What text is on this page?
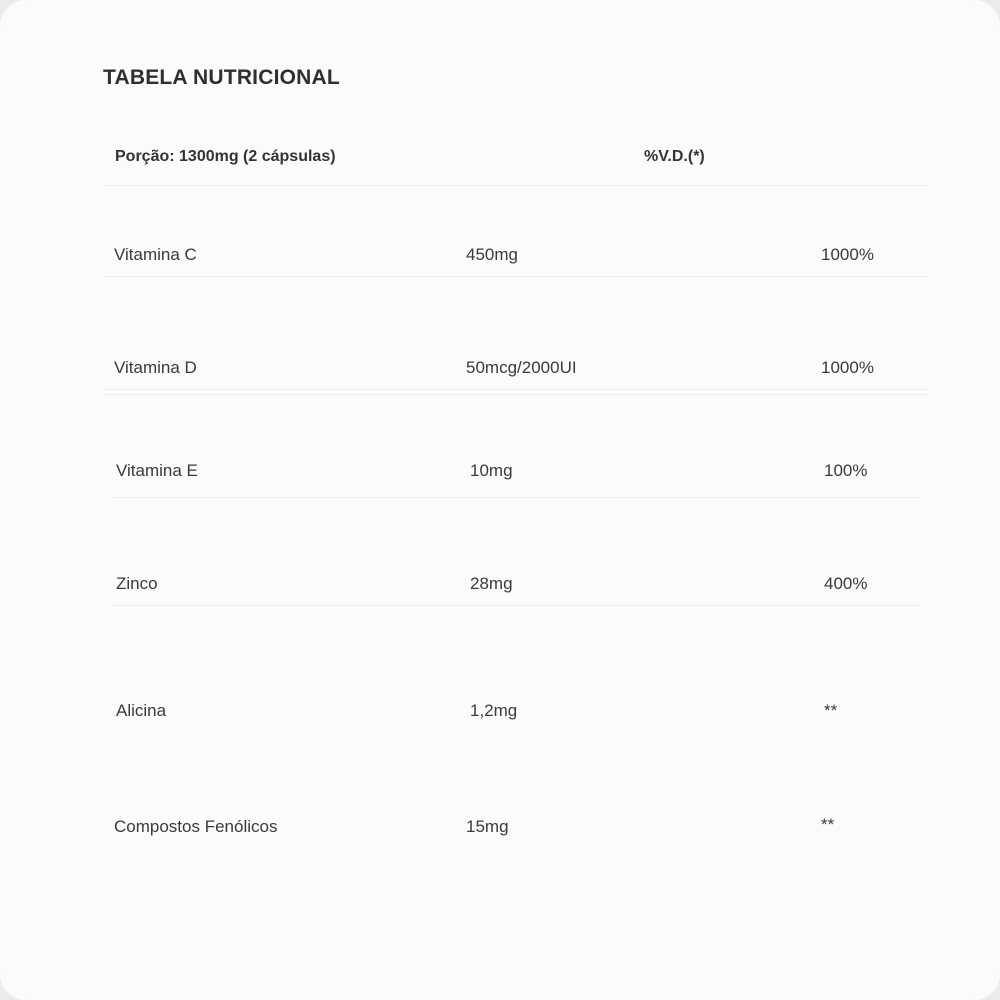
TABELA NUTRICIONAL
Porção: 1300mg (2 cápsulas)	%V.D.(*)
Vitamina C	450mg	1000%
Vitamina D	50mcg/2000UI	1000%
Vitamina E	10mg	100%
Zinco	28mg	400%
Alicina	1,2mg	**
Compostos Fenólicos	15mg	**
